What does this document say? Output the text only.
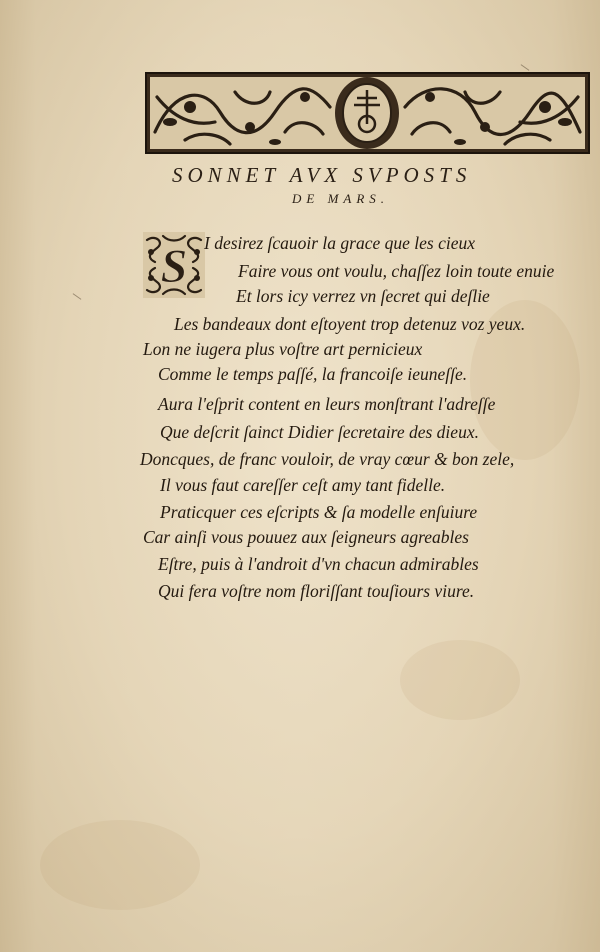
SONNET AVX SVPOSTS
DE MARS.
S I desirez ſcauoir la grace que les cieux
Faire vous ont voulu, chaſſez loin toute enuie
Et lors icy verrez vn ſecret qui deſlie
Les bandeaux dont eſtoyent trop detenuz voz yeux.
Lon ne iugera plus voſtre art pernicieux
Comme le temps paſſé, la francoiſe ieuneſſe.
Aura l'eſprit content en leurs monſtrant l'adreſſe
Que deſcrit ſainct Didier ſecretaire des dieux.
Doncques, de franc vouloir, de vray cœur & bon zele,
Il vous faut careſſer ceſt amy tant fidelle.
Praticquer ces eſcripts & ſa modelle enſuiure
Car ainſi vous pouuez aux ſeigneurs agreables
Eſtre, puis à l'androit d'vn chacun admirables
Qui fera voſtre nom floriſſant touſiours viure.
